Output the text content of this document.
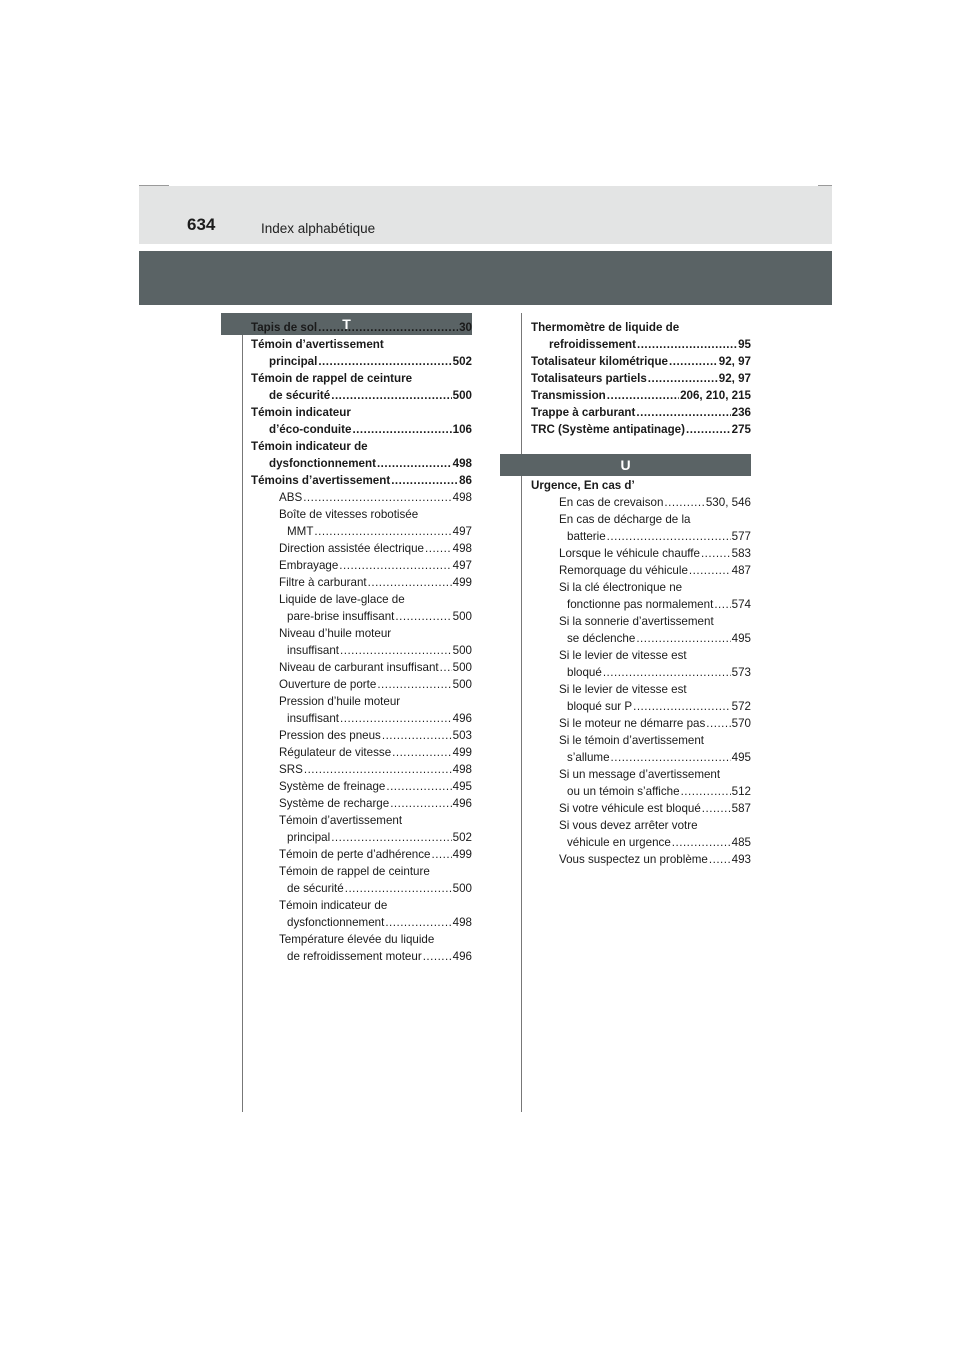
634	Index alphabétique
T
U
Tapis de sol .....	30
Témoin d’avertissement
principal .....	502
Témoin de rappel de ceinture
de sécurité .....	500
Témoin indicateur
d’éco-conduite .....	106
Témoin indicateur de
dysfonctionnement .....	498
Témoins d’avertissement .....	86
ABS .....	498
Boîte de vitesses robotisée
MMT .....	497
Direction assistée électrique ..... 498
Embrayage .....	497
Filtre à carburant .....	499
Liquide de lave-glace de
pare-brise insuffisant .....	500
Niveau d’huile moteur
insuffisant .....	500
Niveau de carburant insuffisant ..... 500
Ouverture de porte .....	500
Pression d’huile moteur
insuffisant .....	496
Pression des pneus .....	503
Régulateur de vitesse .....	499
SRS .....	498
Système de freinage .....	495
Système de recharge .....	496
Témoin d’avertissement
principal .....	502
Témoin de perte d’adhérence ..... 499
Témoin de rappel de ceinture
de sécurité .....	500
Témoin indicateur de
dysfonctionnement .....	498
Température élevée du liquide
de refroidissement moteur .....	496
Thermomètre de liquide de
refroidissement .....	95
Totalisateur kilométrique .....	92, 97
Totalisateurs partiels .....	92, 97
Transmission .....	206, 210, 215
Trappe à carburant .....	236
TRC (Système antipatinage) .....	275
Urgence, En cas d’
En cas de crevaison .....	530, 546
En cas de décharge de la
batterie .....	577
Lorsque le véhicule chauffe .....	583
Remorquage du véhicule .....	487
Si la clé électronique ne
fonctionne pas normalement ..... 574
Si la sonnerie d’avertissement
se déclenche .....	495
Si le levier de vitesse est
bloqué .....	573
Si le levier de vitesse est
bloqué sur P .....	572
Si le moteur ne démarre pas ..... 570
Si le témoin d’avertissement
s’allume .....	495
Si un message d’avertissement
ou un témoin s’affiche .....	512
Si votre véhicule est bloqué .....	587
Si vous devez arrêter votre
véhicule en urgence .....	485
Vous suspectez un problème ..... 493
